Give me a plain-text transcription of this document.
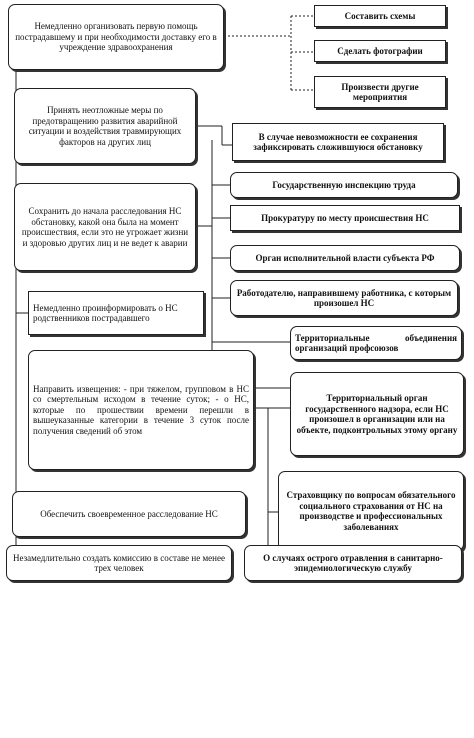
Немедленно организовать первую помощь пострадавшему и при необходимости доставку его в учреждение здравоохранения
Принять неотложные меры по предотвращению развития аварийной ситуации и воздействия травмирующих факторов на других лиц
Сохранить до начала расследования НС обстановку, какой она была на момент происшествия, если это не угрожает жизни и здоровью других лиц и не ведет к аварии
Немедленно проинформировать о НС родственников пострадавшего
Направить извещения: - при тяжелом, групповом в НС со смертельным исходом в течение суток; - о НС, которые по прошествии времени перешли в вышеуказанные категории в течение 3 суток после получения сведений об этом
Обеспечить своевременное расследование НС
Незамедлительно создать комиссию в составе не менее трех человек
Составить схемы
Сделать фотографии
Произвести другие мероприятия
В случае невозможности ее сохранения зафиксировать сложившуюся обстановку
Государственную инспекцию труда
Прокуратуру по месту происшествия НС
Орган исполнительной власти субъекта РФ
Работодателю, направившему работника, с которым произошел НС
Территориальные объединения организаций профсоюзов
Территориальный орган государственного надзора, если НС произошел в организации или на объекте, подконтрольных этому органу
Страховщику по вопросам обязательного социального страхования от НС на производстве и профессиональных заболеваниях
О случаях острого отравления в санитарно-эпидемиологическую службу
